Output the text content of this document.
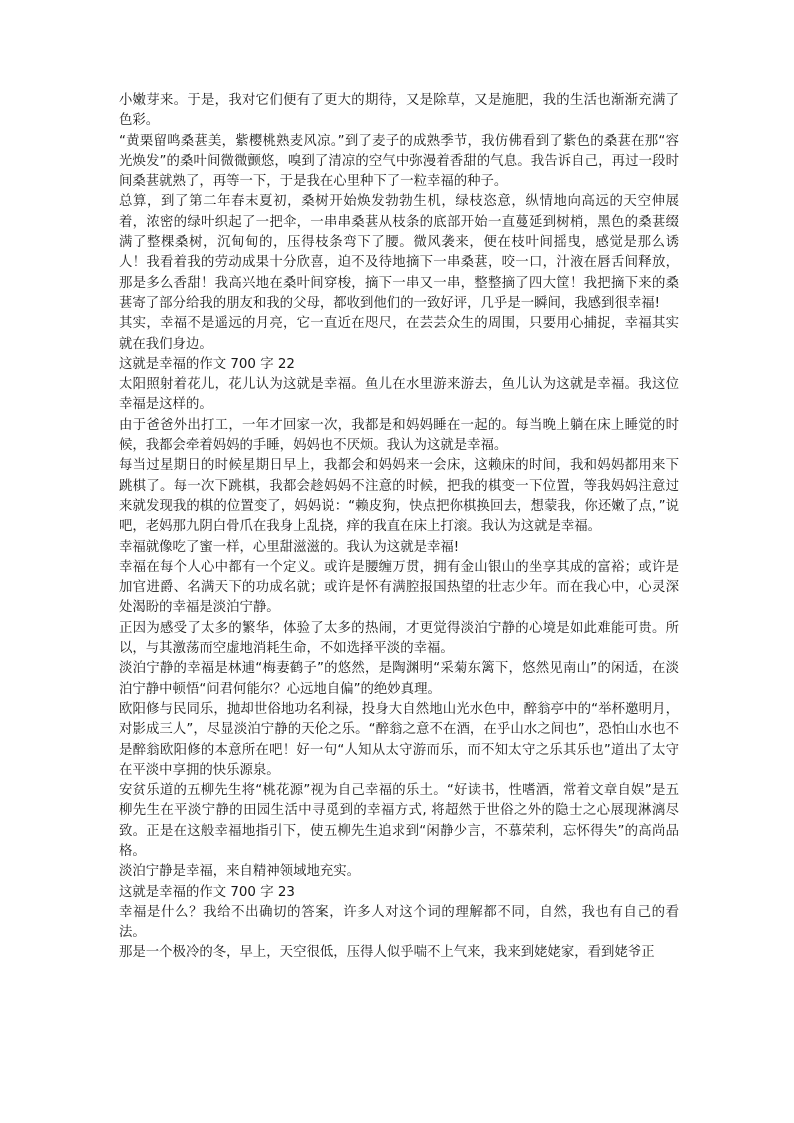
小嫩芽来。于是，我对它们便有了更大的期待，又是除草，又是施肥，我的生活也渐渐充满了色彩。

“黄栗留鸣桑葚美，紫樱桃熟麦风凉。”到了麦子的成熟季节，我仿佛看到了紫色的桑葚在那“容光焕发”的桑叶间微微颤悠，嗅到了清凉的空气中弥漫着香甜的气息。我告诉自己，再过一段时间桑葚就熟了，再等一下，于是我在心里种下了一粒幸福的种子。

总算，到了第二年春末夏初，桑树开始焕发勃勃生机，绿枝恣意，纵情地向高远的天空伸展着，浓密的绿叶织起了一把伞，一串串桑葚从枝条的底部开始一直蔓延到树梢，黑色的桑葚缀满了整棵桑树，沉甸甸的，压得枝条弯下了腰。微风袭来，便在枝叶间摇曳，感觉是那么诱人！我看着我的劳动成果十分欣喜，迫不及待地摘下一串桑葚，咬一口，汁液在唇舌间释放，那是多么香甜！我高兴地在桑叶间穿梭，摘下一串又一串，整整摘了四大筐！我把摘下来的桑葚寄了部分给我的朋友和我的父母，都收到他们的一致好评，几乎是一瞬间，我感到很幸福!

其实，幸福不是遥远的月亮，它一直近在咫尺，在芸芸众生的周围，只要用心捕捉，幸福其实就在我们身边。

这就是幸福的作文 700 字 22

太阳照射着花儿，花儿认为这就是幸福。鱼儿在水里游来游去，鱼儿认为这就是幸福。我这位幸福是这样的。

由于爸爸外出打工，一年才回家一次，我都是和妈妈睡在一起的。每当晚上躺在床上睡觉的时候，我都会牵着妈妈的手睡，妈妈也不厌烦。我认为这就是幸福。

每当过星期日的时候星期日早上，我都会和妈妈来一会床，这赖床的时间，我和妈妈都用来下跳棋了。每一次下跳棋，我都会趁妈妈不注意的时候，把我的棋变一下位置，等我妈妈注意过来就发现我的棋的位置变了，妈妈说：“赖皮狗，快点把你棋换回去，想蒙我，你还嫩了点，”说吧，老妈那九阴白骨爪在我身上乱挠，痒的我直在床上打滚。我认为这就是幸福。

幸福就像吃了蜜一样，心里甜滋滋的。我认为这就是幸福!

幸福在每个人心中都有一个定义。或许是腰缠万贯，拥有金山银山的坐享其成的富裕；或许是加官进爵、名满天下的功成名就；或许是怀有满腔报国热望的壮志少年。而在我心中，心灵深处渴盼的幸福是淡泊宁静。

正因为感受了太多的繁华，体验了太多的热闹，才更觉得淡泊宁静的心境是如此难能可贵。所以，与其激荡而空虚地消耗生命，不如选择平淡的幸福。

淡泊宁静的幸福是林逋“梅妻鹤子”的悠然，是陶渊明“采菊东篱下，悠然见南山”的闲适，在淡泊宁静中顿悟“问君何能尔？心远地自偏”的绝妙真理。

欧阳修与民同乐，抛却世俗地功名利禄，投身大自然地山光水色中，醉翁亭中的“举杯邀明月，对影成三人”，尽显淡泊宁静的天伦之乐。“醉翁之意不在酒，在乎山水之间也”，恐怕山水也不是醉翁欧阳修的本意所在吧！好一句“人知从太守游而乐，而不知太守之乐其乐也”道出了太守在平淡中享拥的快乐源泉。

安贫乐道的五柳先生将“桃花源”视为自己幸福的乐土。“好读书，性嗜酒，常着文章自娱”是五柳先生在平淡宁静的田园生活中寻觅到的幸福方式, 将超然于世俗之外的隐士之心展现淋漓尽致。正是在这般幸福地指引下，使五柳先生追求到“闲静少言，不慕荣利，忘怀得失”的高尚品格。

淡泊宁静是幸福，来自精神领域地充实。

这就是幸福的作文 700 字 23

幸福是什么？我给不出确切的答案，许多人对这个词的理解都不同，自然，我也有自己的看法。

那是一个极冷的冬，早上，天空很低，压得人似乎喘不上气来，我来到姥姥家，看到姥爷正
